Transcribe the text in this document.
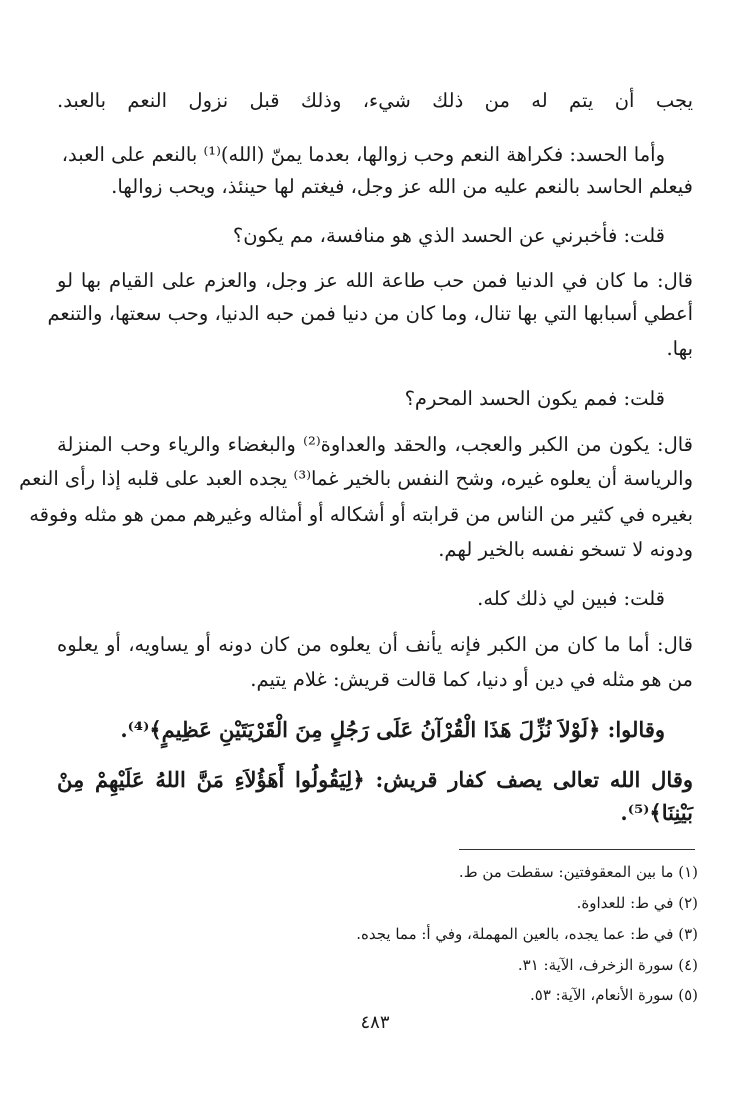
يجب أن يتم له من ذلك شيء، وذلك قبل نزول النعم بالعبد.
وأما الحسد: فكراهة النعم وحب زوالها، بعدما يمنّ (الله)⁽¹⁾ بالنعم على العبد،
فيعلم الحاسد بالنعم عليه من الله عز وجل، فيغتم لها حينئذ، ويحب زوالها.
قلت: فأخبرني عن الحسد الذي هو منافسة، مم يكون؟
قال: ما كان في الدنيا فمن حب طاعة الله عز وجل، والعزم على القيام بها لو
أعطي أسبابها التي بها تنال، وما كان من دنيا فمن حبه الدنيا، وحب سعتها، والتنعم
بها.
قلت: فمم يكون الحسد المحرم؟
قال: يكون من الكبر والعجب، والحقد والعداوة⁽²⁾ والبغضاء والرياء وحب المنزلة
والرياسة أن يعلوه غيره، وشح النفس بالخير غما⁽³⁾ يجده العبد على قلبه إذا رأى النعم
بغيره في كثير من الناس من قرابته أو أشكاله أو أمثاله وغيرهم ممن هو مثله وفوقه
ودونه لا تسخو نفسه بالخير لهم.
قلت: فبين لي ذلك كله.
قال: أما ما كان من الكبر فإنه يأنف أن يعلوه من كان دونه أو يساويه، أو يعلوه
من هو مثله في دين أو دنيا، كما قالت قريش: غلام يتيم.
وقالوا: ﴿لَوْلاَ نُزِّلَ هَذَا الْقُرْآنُ عَلَى رَجُلٍ مِنَ الْقَرْيَتَيْنِ عَظِيمٍ﴾⁽⁴⁾.
وقال الله تعالى يصف كفار قريش: ﴿لِيَقُولُوا أَهَؤُلاَءِ مَنَّ اللهُ عَلَيْهِمْ مِنْ
بَيْنِنَا﴾⁽⁵⁾.
(١) ما بين المعقوفتين: سقطت من ط.
(٢) في ط: للعداوة.
(٣) في ط: عما يجده، بالعين المهملة، وفي أ: مما يجده.
(٤) سورة الزخرف، الآية: ٣١.
(٥) سورة الأنعام، الآية: ٥٣.
٤٨٣
